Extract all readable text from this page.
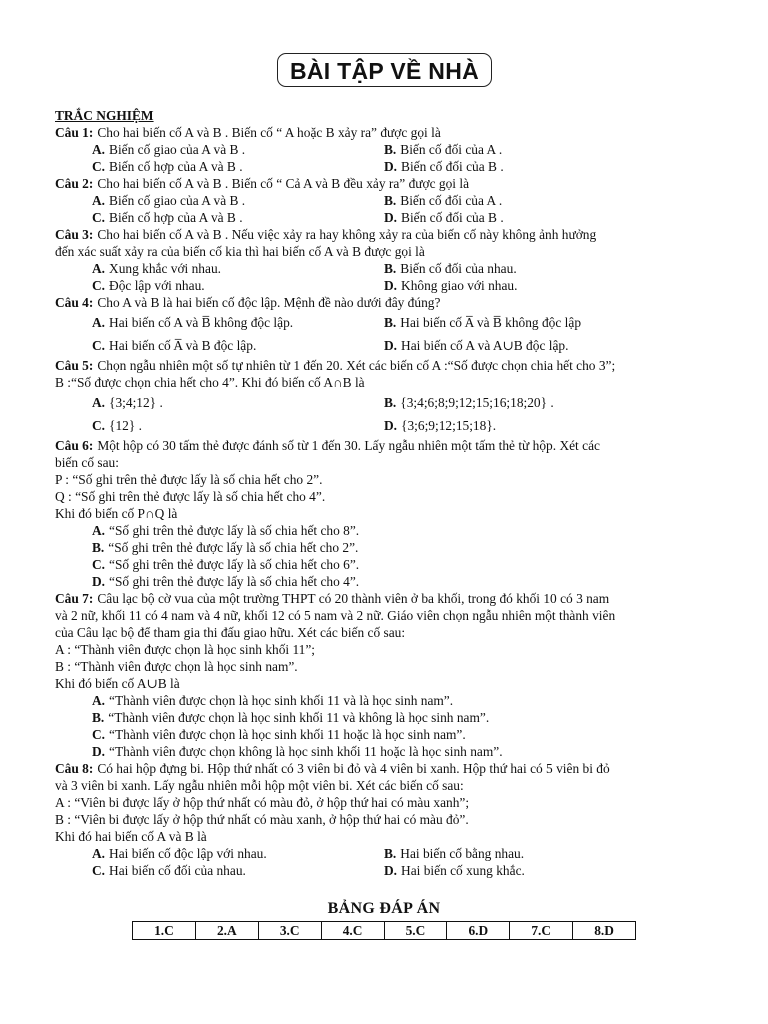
BÀI TẬP VỀ NHÀ
TRẮC NGHIỆM
Câu 1: Cho hai biến cố A và B . Biến cố “ A hoặc B xảy ra” được gọi là
A. Biến cố giao của A và B .	B. Biến cố đối của A .
C. Biến cố hợp của A và B .	D. Biến cố đối của B .
Câu 2: Cho hai biến cố A và B . Biến cố “ Cả A và B đều xảy ra” được gọi là
A. Biến cố giao của A và B .	B. Biến cố đối của A .
C. Biến cố hợp của A và B .	D. Biến cố đối của B .
Câu 3: Cho hai biến cố A và B . Nếu việc xảy ra hay không xảy ra của biến cố này không ảnh hưởng
đến xác suất xảy ra của biến cố kia thì hai biến cố A và B được gọi là
A. Xung khắc với nhau.	B. Biến cố đối của nhau.
C. Độc lập với nhau.	D. Không giao với nhau.
Câu 4: Cho A và B là hai biến cố độc lập. Mệnh đề nào dưới đây đúng?
A. Hai biến cố A và B̅ không độc lập.	B. Hai biến cố A̅ và B̅ không độc lập
C. Hai biến cố A̅ và B độc lập.	D. Hai biến cố A và A∪B độc lập.
Câu 5: Chọn ngẫu nhiên một số tự nhiên từ 1 đến 20. Xét các biến cố A :“Số được chọn chia hết cho 3”;
B :“Số được chọn chia hết cho 4”. Khi đó biến cố A∩B là
A. {3;4;12} .	B. {3;4;6;8;9;12;15;16;18;20} .
C. {12} .	D. {3;6;9;12;15;18}.
Câu 6: Một hộp có 30 tấm thẻ được đánh số từ 1 đến 30. Lấy ngẫu nhiên một tấm thẻ từ hộp. Xét các
biến cố sau:
P : “Số ghi trên thẻ được lấy là số chia hết cho 2”.
Q : “Số ghi trên thẻ được lấy là số chia hết cho 4”.
Khi đó biến cố P∩Q là
A. “Số ghi trên thẻ được lấy là số chia hết cho 8”.
B. “Số ghi trên thẻ được lấy là số chia hết cho 2”.
C. “Số ghi trên thẻ được lấy là số chia hết cho 6”.
D. “Số ghi trên thẻ được lấy là số chia hết cho 4”.
Câu 7: Câu lạc bộ cờ vua của một trường THPT có 20 thành viên ở ba khối, trong đó khối 10 có 3 nam
và 2 nữ, khối 11 có 4 nam và 4 nữ, khối 12 có 5 nam và 2 nữ. Giáo viên chọn ngẫu nhiên một thành viên
của Câu lạc bộ để tham gia thi đấu giao hữu. Xét các biến cố sau:
A : “Thành viên được chọn là học sinh khối 11”;
B : “Thành viên được chọn là học sinh nam”.
Khi đó biến cố A∪B là
A. “Thành viên được chọn là học sinh khối 11 và là học sinh nam”.
B. “Thành viên được chọn là học sinh khối 11 và không là học sinh nam”.
C. “Thành viên được chọn là học sinh khối 11 hoặc là học sinh nam”.
D. “Thành viên được chọn không là học sinh khối 11 hoặc là học sinh nam”.
Câu 8: Có hai hộp đựng bi. Hộp thứ nhất có 3 viên bi đỏ và 4 viên bi xanh. Hộp thứ hai có 5 viên bi đỏ
và 3 viên bi xanh. Lấy ngẫu nhiên mỗi hộp một viên bi. Xét các biến cố sau:
A : “Viên bi được lấy ở hộp thứ nhất có màu đỏ, ở hộp thứ hai có màu xanh”;
B : “Viên bi được lấy ở hộp thứ nhất có màu xanh, ở hộp thứ hai có màu đỏ”.
Khi đó hai biến cố A và B là
A. Hai biến cố độc lập với nhau.	B. Hai biến cố bằng nhau.
C. Hai biến cố đối của nhau.	D. Hai biến cố xung khắc.
BẢNG ĐÁP ÁN
1.C	2.A	3.C	4.C	5.C	6.D	7.C	8.D
